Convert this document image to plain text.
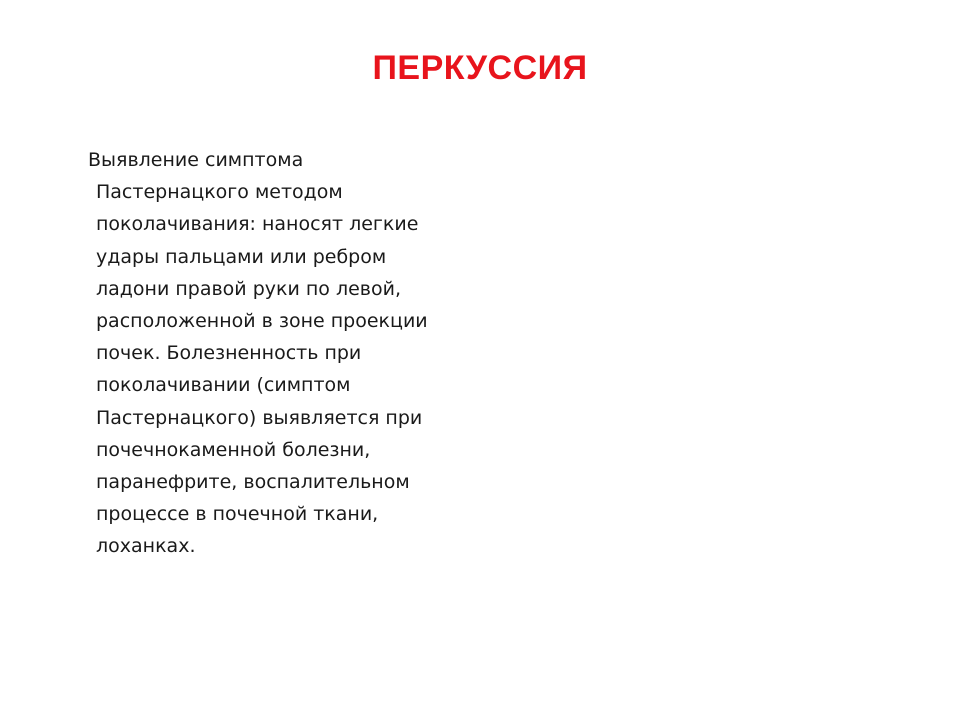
ПЕРКУССИЯ
Выявление симптома
Пастернацкого методом
поколачивания: наносят легкие
удары пальцами или ребром
ладони правой руки по левой,
расположенной в зоне проекции
почек. Болезненность при
поколачивании (симптом
Пастернацкого) выявляется при
почечнокаменной болезни,
паранефрите, воспалительном
процессе в почечной ткани,
лоханках.
